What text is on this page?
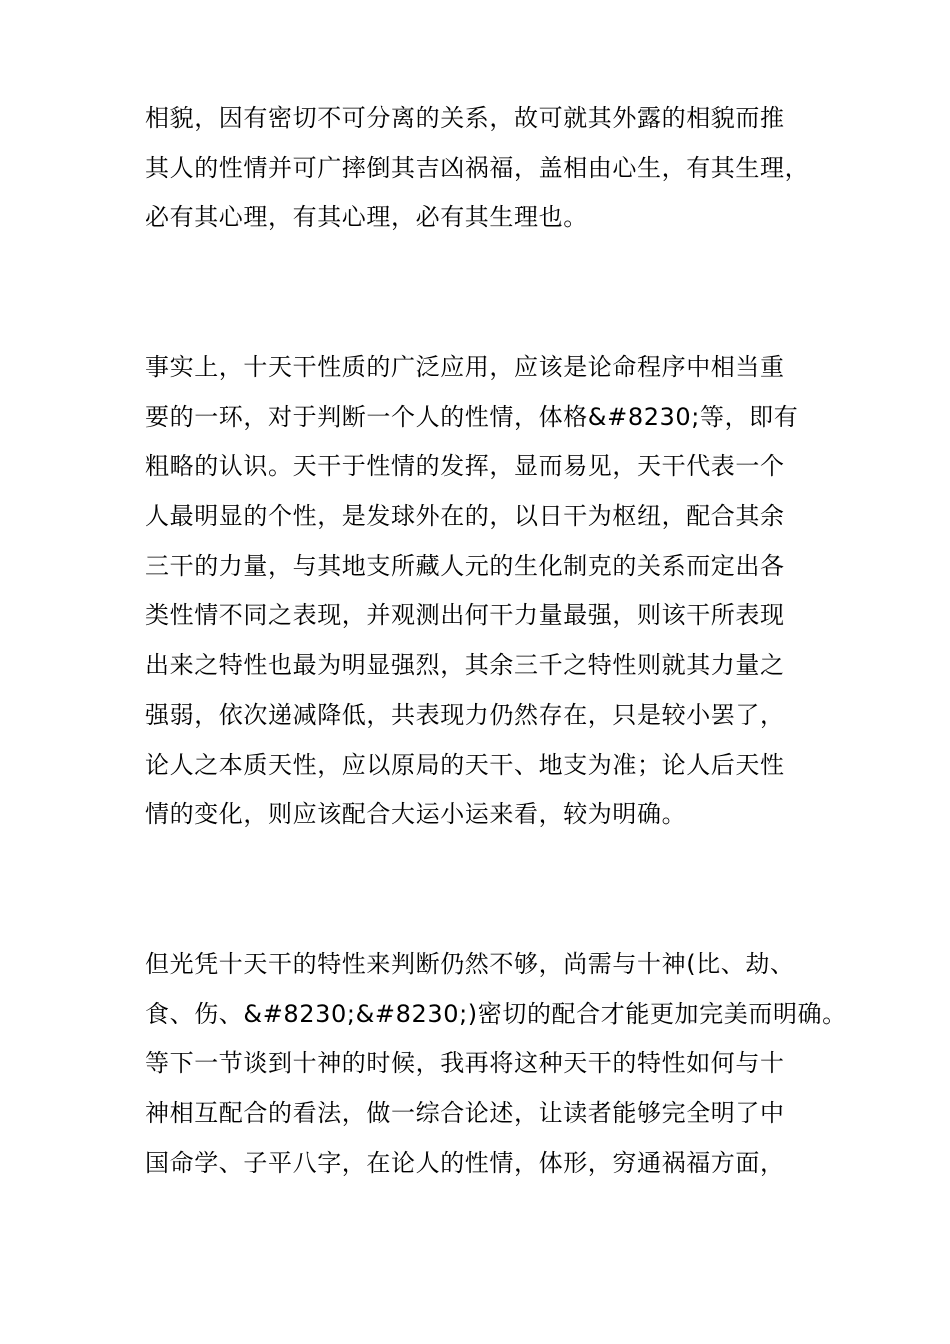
相貌，因有密切不可分离的关系，故可就其外露的相貌而推
其人的性情并可广摔倒其吉凶祸福，盖相由心生，有其生理，
必有其心理，有其心理，必有其生理也。
事实上，十天干性质的广泛应用，应该是论命程序中相当重
要的一环，对于判断一个人的性情，体格&#8230;等，即有
粗略的认识。天干于性情的发挥，显而易见，天干代表一个
人最明显的个性，是发球外在的，以日干为枢纽，配合其余
三干的力量，与其地支所藏人元的生化制克的关系而定出各
类性情不同之表现，并观测出何干力量最强，则该干所表现
出来之特性也最为明显强烈，其余三千之特性则就其力量之
强弱，依次递减降低，共表现力仍然存在，只是较小罢了，
论人之本质天性，应以原局的天干、地支为准；论人后天性
情的变化，则应该配合大运小运来看，较为明确。
但光凭十天干的特性来判断仍然不够，尚需与十神(比、劫、
食、伤、&#8230;&#8230;)密切的配合才能更加完美而明确。
等下一节谈到十神的时候，我再将这种天干的特性如何与十
神相互配合的看法，做一综合论述，让读者能够完全明了中
国命学、子平八字，在论人的性情，体形，穷通祸福方面，
